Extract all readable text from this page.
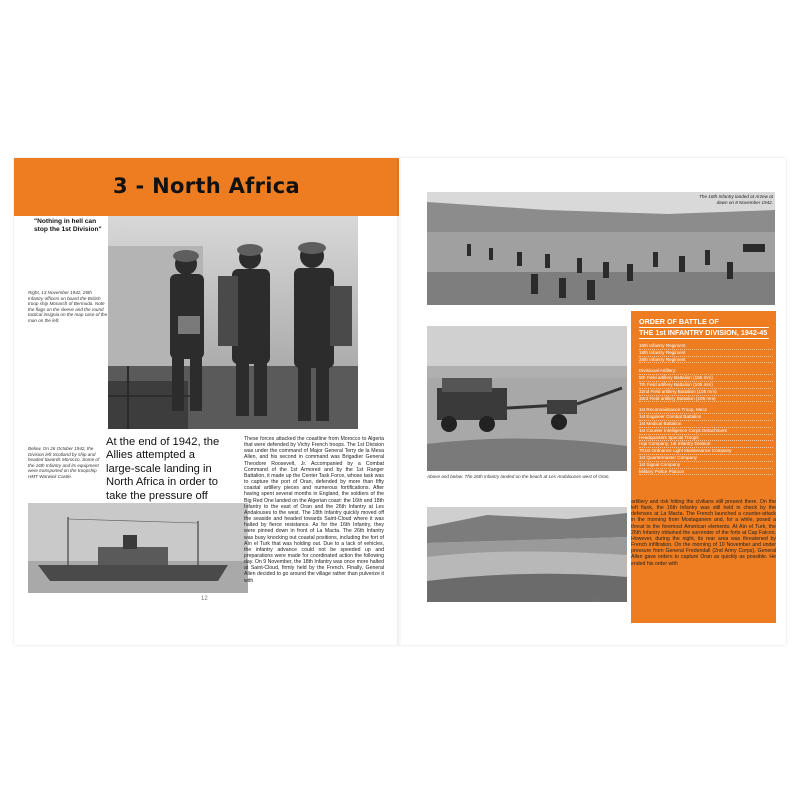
3 - North Africa
"Nothing in hell can stop the 1st Division"
Right, 13 November 1942, 26th Infantry officers on board the British troop ship Monarch of Bermuda. Note the flags on the sleeve and the round tactical insignia on the map case of the man on the left.
Below. On 26 October 1942, the Division left Scotland by ship and headed towards Morocco. Some of the 16th Infantry and its equipment were transported on the troopship HMT Warwick Castle.
At the end of 1942, the Allies attempted a large-scale landing in North Africa in order to take the pressure off
These forces attacked the coastline from Morocco to Algeria that were defended by Vichy French troops. The 1st Division was under the command of Major General Terry de la Mesa Allen, and his second in command was Brigadier General Theodore Roosevelt, Jr. Accompanied by a Combat Command of the 1st Armored and by the 1st Ranger Battalion, it made up the Center Task Force, whose task was to capture the port of Oran, defended by more than fifty coastal artillery pieces and numerous fortifications. After having spent several months in England, the soldiers of the Big Red One landed on the Algerian coast: the 16th and 18th Infantry to the east of Oran and the 26th Infantry at Les Andalouses to the west. The 18th Infantry quickly moved off the seaside and headed towards Saint-Cloud where it was halted by fierce resistance. As for the 16th Infantry, they were pinned down in front of La Macta. The 26th Infantry was busy knocking out coastal positions, including the fort of Aïn el Turk that was holding out. Due to a lack of vehicles, the infantry advance could not be speeded up and preparations were made for coordinated action the following day. On 9 November, the 18th Infantry was once more halted at Saint-Cloud, firmly held by the French. Finally, General Allen decided to go around the village rather than pulverize it with
12
The 16th Infantry landed at Arzew at dawn on 8 November 1942.
Above and below. The 26th Infantry landed on the beach at Les Andalouses west of Oran.
ORDER OF BATTLE OF
THE 1st INFANTRY DIVISION, 1942-45
16th Infantry Regiment
18th Infantry Regiment
26th Infantry Regiment
Divisional Artillery:
5th Field artillery Battalion (155 mm)
7th Field artillery Battalion (105 mm)
32nd Field artillery Battalion (105 mm)
33rd Field artillery Battalion (105 mm)
1st Reconnaissance Troop, Mecz
1st Engineer Combat Battalion
1st Medical Battalion
1st Counter Intelligence Corps Detachment
Headquarters Special Troops
Hqs Company, 1st Infantry Division
701st Ordnance Light Maintenance Company
1st Quartermaster Company
1st Signal Company
Military Police Platoon
artillery and risk hitting the civilians still present there. On the left flank, the 16th Infantry was still held in check by the defenses at La Macta. The French launched a counter-attack in the morning from Mostaganem and, for a while, posed a threat to the foremost American elements. At Aïn el Turk, the 26th Infantry obtained the surrender of the forts at Cap Falcon. However, during the night, its rear area was threatened by French infiltration. On the morning of 10 November and under pressure from General Fredendall (2nd Army Corps), General Allen gave orders to capture Oran as quickly as possible. He ended his order with
13
